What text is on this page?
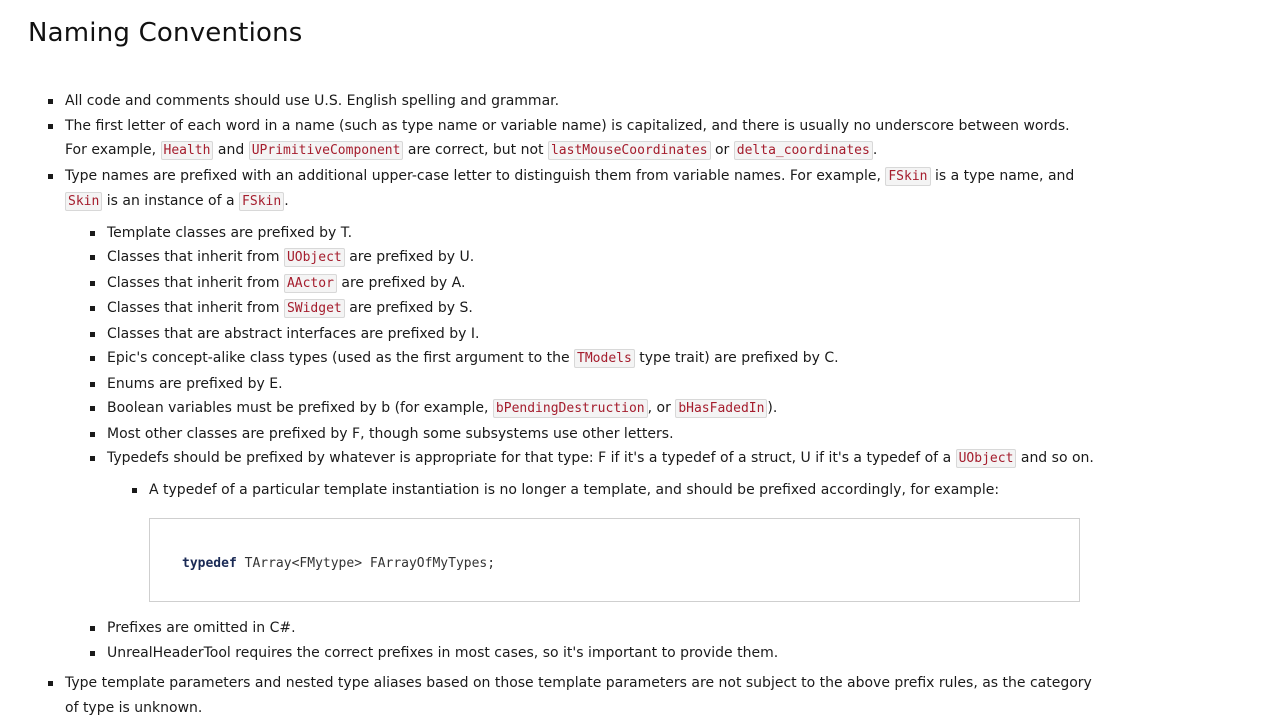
Naming Conventions
All code and comments should use U.S. English spelling and grammar.
The first letter of each word in a name (such as type name or variable name) is capitalized, and there is usually no underscore between words. For example, Health and UPrimitiveComponent are correct, but not lastMouseCoordinates or delta_coordinates .
Type names are prefixed with an additional upper-case letter to distinguish them from variable names. For example, FSkin is a type name, and Skin is an instance of a FSkin .
Template classes are prefixed by T.
Classes that inherit from UObject are prefixed by U.
Classes that inherit from AActor are prefixed by A.
Classes that inherit from SWidget are prefixed by S.
Classes that are abstract interfaces are prefixed by I.
Epic's concept-alike class types (used as the first argument to the TModels type trait) are prefixed by C.
Enums are prefixed by E.
Boolean variables must be prefixed by b (for example, bPendingDestruction , or bHasFadedIn ).
Most other classes are prefixed by F, though some subsystems use other letters.
Typedefs should be prefixed by whatever is appropriate for that type: F if it's a typedef of a struct, U if it's a typedef of a UObject and so on.
A typedef of a particular template instantiation is no longer a template, and should be prefixed accordingly, for example:
typedef TArray<FMytype> FArrayOfMyTypes;
Prefixes are omitted in C#.
UnrealHeaderTool requires the correct prefixes in most cases, so it's important to provide them.
Type template parameters and nested type aliases based on those template parameters are not subject to the above prefix rules, as the category of type is unknown.
